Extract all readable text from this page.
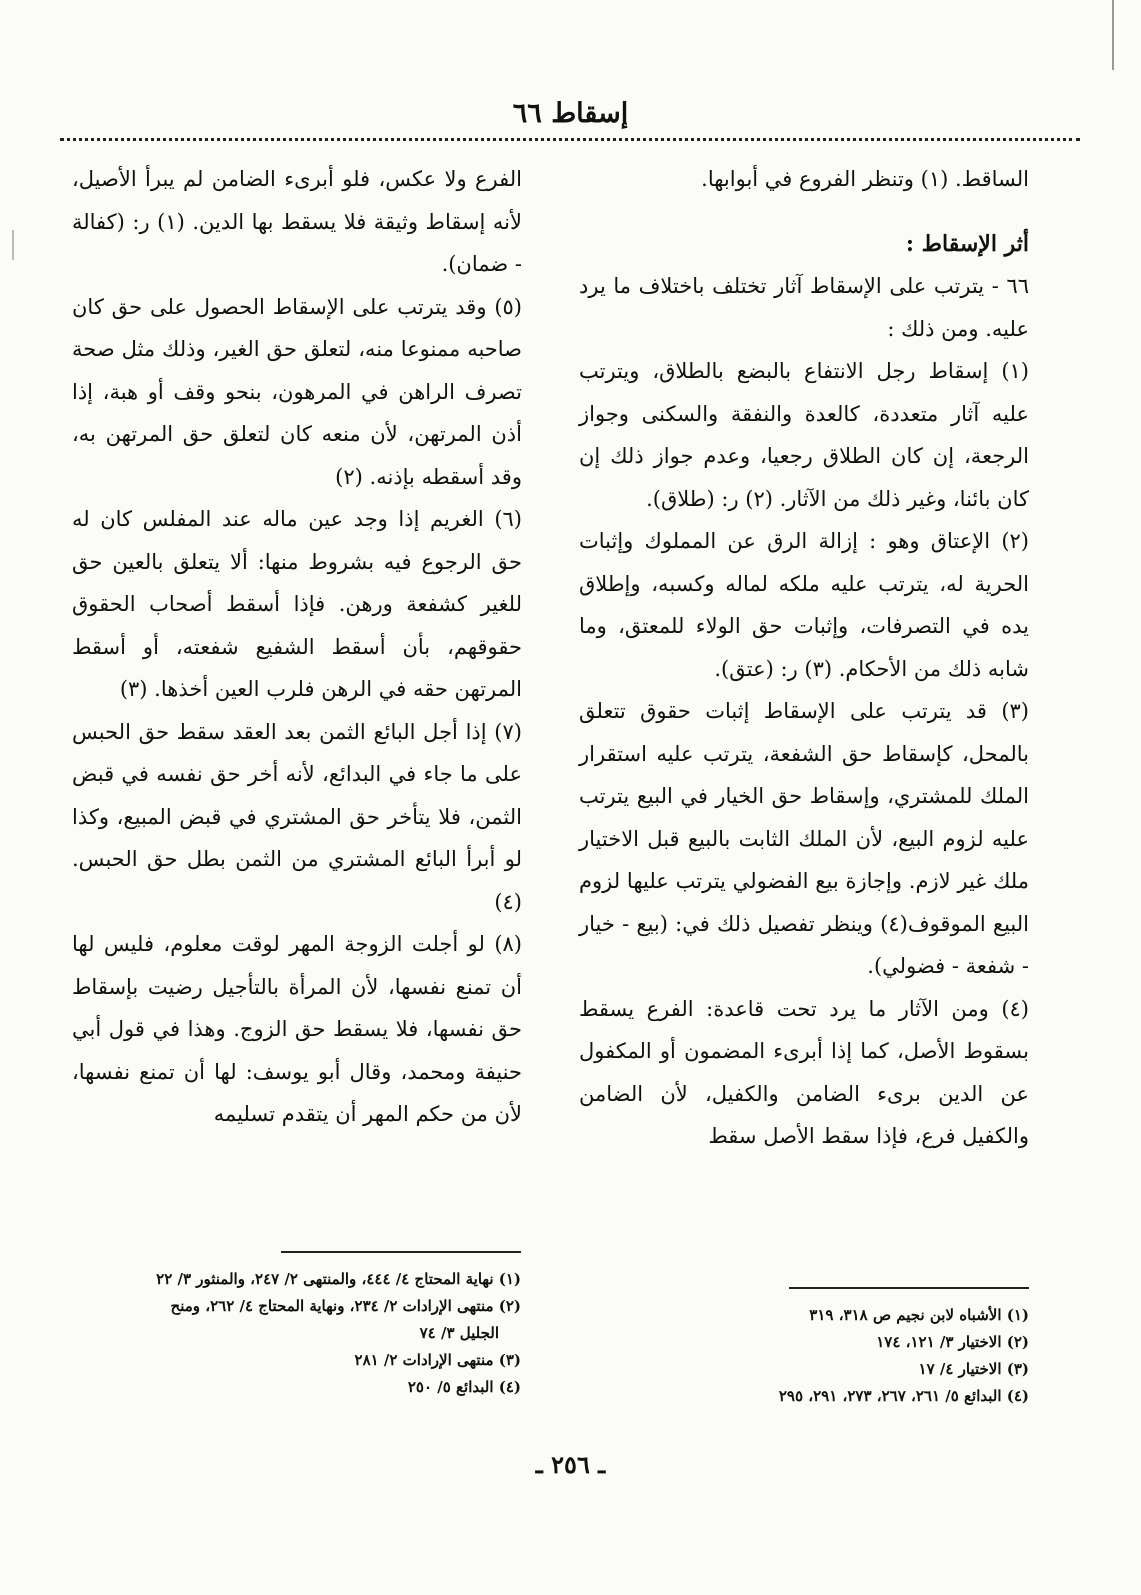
إسقاط ٦٦

الساقط. (١) وتنظر الفروع في أبوابها.

أثر الإسقاط :

٦٦ - يترتب على الإسقاط آثار تختلف باختلاف ما يرد عليه. ومن ذلك :

(١) إسقاط رجل الانتفاع بالبضع بالطلاق، ويترتب عليه آثار متعددة، كالعدة والنفقة والسكنى وجواز الرجعة، إن كان الطلاق رجعيا، وعدم جواز ذلك إن كان بائنا، وغير ذلك من الآثار. (٢) ر: (طلاق).

(٢) الإعتاق وهو : إزالة الرق عن المملوك وإثبات الحرية له، يترتب عليه ملكه لماله وكسبه، وإطلاق يده في التصرفات، وإثبات حق الولاء للمعتق، وما شابه ذلك من الأحكام. (٣) ر: (عتق).

(٣) قد يترتب على الإسقاط إثبات حقوق تتعلق بالمحل، كإسقاط حق الشفعة، يترتب عليه استقرار الملك للمشتري، وإسقاط حق الخيار في البيع يترتب عليه لزوم البيع، لأن الملك الثابت بالبيع قبل الاختيار ملك غير لازم. وإجازة بيع الفضولي يترتب عليها لزوم البيع الموقوف(٤) وينظر تفصيل ذلك في: (بيع - خيار - شفعة - فضولي).

(٤) ومن الآثار ما يرد تحت قاعدة: الفرع يسقط بسقوط الأصل، كما إذا أبرىء المضمون أو المكفول عن الدين برىء الضامن والكفيل، لأن الضامن والكفيل فرع، فإذا سقط الأصل سقط

الفرع ولا عكس، فلو أبرىء الضامن لم يبرأ الأصيل، لأنه إسقاط وثيقة فلا يسقط بها الدين. (١) ر: (كفالة - ضمان).

(٥) وقد يترتب على الإسقاط الحصول على حق كان صاحبه ممنوعا منه، لتعلق حق الغير، وذلك مثل صحة تصرف الراهن في المرهون، بنحو وقف أو هبة، إذا أذن المرتهن، لأن منعه كان لتعلق حق المرتهن به، وقد أسقطه بإذنه. (٢)

(٦) الغريم إذا وجد عين ماله عند المفلس كان له حق الرجوع فيه بشروط منها: ألا يتعلق بالعين حق للغير كشفعة ورهن. فإذا أسقط أصحاب الحقوق حقوقهم، بأن أسقط الشفيع شفعته، أو أسقط المرتهن حقه في الرهن فلرب العين أخذها. (٣)

(٧) إذا أجل البائع الثمن بعد العقد سقط حق الحبس على ما جاء في البدائع، لأنه أخر حق نفسه في قبض الثمن، فلا يتأخر حق المشتري في قبض المبيع، وكذا لو أبرأ البائع المشتري من الثمن بطل حق الحبس. (٤)

(٨) لو أجلت الزوجة المهر لوقت معلوم، فليس لها أن تمنع نفسها، لأن المرأة بالتأجيل رضيت بإسقاط حق نفسها، فلا يسقط حق الزوج. وهذا في قول أبي حنيفة ومحمد، وقال أبو يوسف: لها أن تمنع نفسها، لأن من حكم المهر أن يتقدم تسليمه

(١) الأشباه لابن نجيم ص ٣١٨، ٣١٩
(٢) الاختيار ٣/ ١٢١، ١٧٤
(٣) الاختيار ٤/ ١٧
(٤) البدائع ٥/ ٢٦١، ٢٦٧، ٢٧٣، ٢٩١، ٢٩٥
(١) نهاية المحتاج ٤/ ٤٤٤، والمنتهى ٢/ ٢٤٧، والمنثور ٣/ ٢٢
(٢) منتهى الإرادات ٢/ ٢٣٤، ونهاية المحتاج ٤/ ٢٦٢، ومنح
الجليل ٣/ ٧٤
(٣) منتهى الإرادات ٢/ ٢٨١
(٤) البدائع ٥/ ٢٥٠
ـ ٢٥٦ ـ
